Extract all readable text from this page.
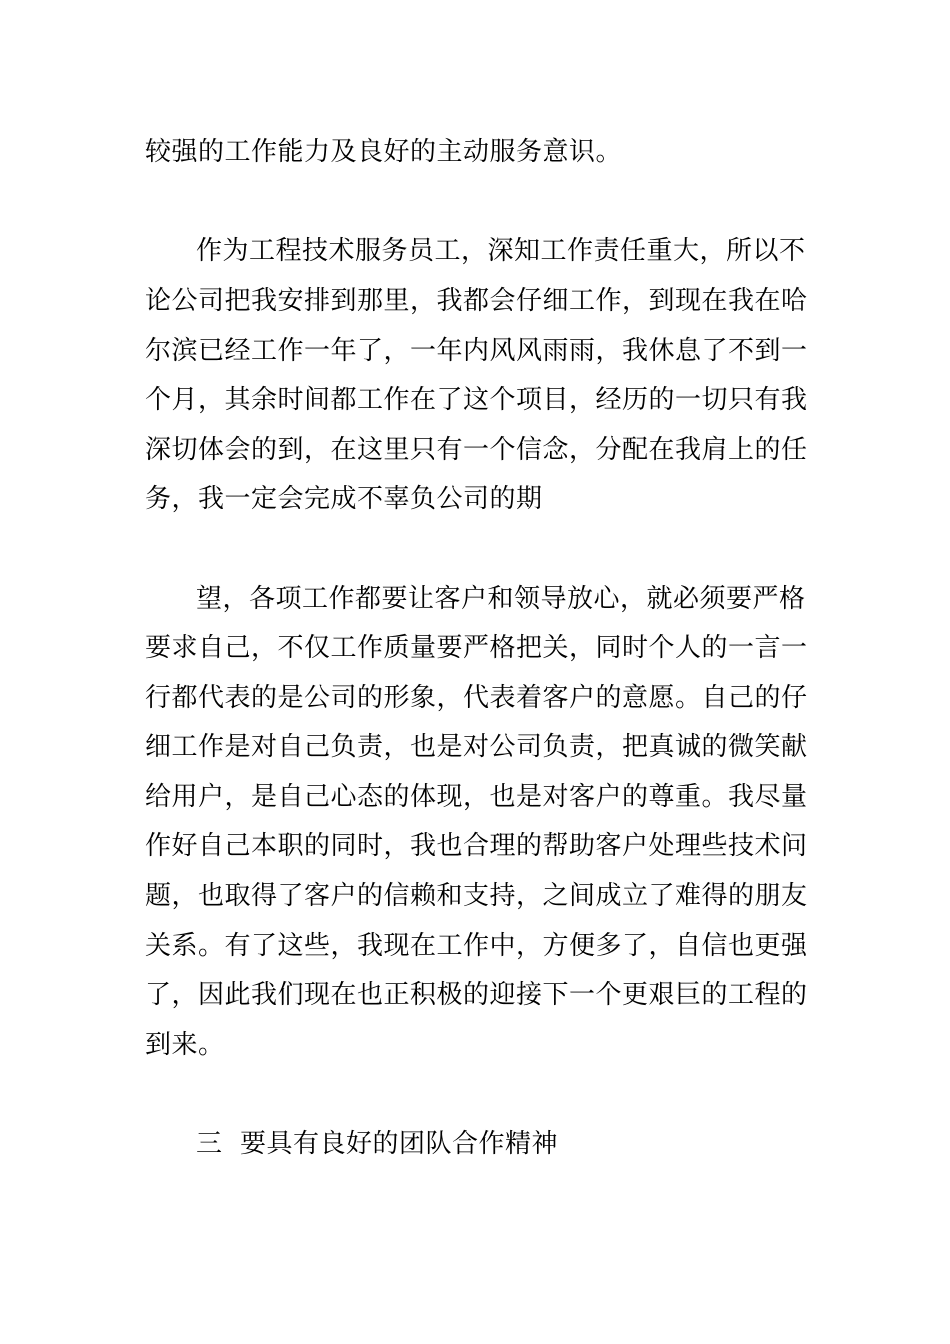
较强的工作能力及良好的主动服务意识。
作为工程技术服务员工，深知工作责任重大，所以不
论公司把我安排到那里，我都会仔细工作，到现在我在哈
尔滨已经工作一年了，一年内风风雨雨，我休息了不到一
个月，其余时间都工作在了这个项目，经历的一切只有我
深切体会的到，在这里只有一个信念，分配在我肩上的任
务，我一定会完成不辜负公司的期
望，各项工作都要让客户和领导放心，就必须要严格
要求自己，不仅工作质量要严格把关，同时个人的一言一
行都代表的是公司的形象，代表着客户的意愿。自己的仔
细工作是对自己负责，也是对公司负责，把真诚的微笑献
给用户，是自己心态的体现，也是对客户的尊重。我尽量
作好自己本职的同时，我也合理的帮助客户处理些技术问
题，也取得了客户的信赖和支持，之间成立了难得的朋友
关系。有了这些，我现在工作中，方便多了，自信也更强
了，因此我们现在也正积极的迎接下一个更艰巨的工程的
到来。
三  要具有良好的团队合作精神
